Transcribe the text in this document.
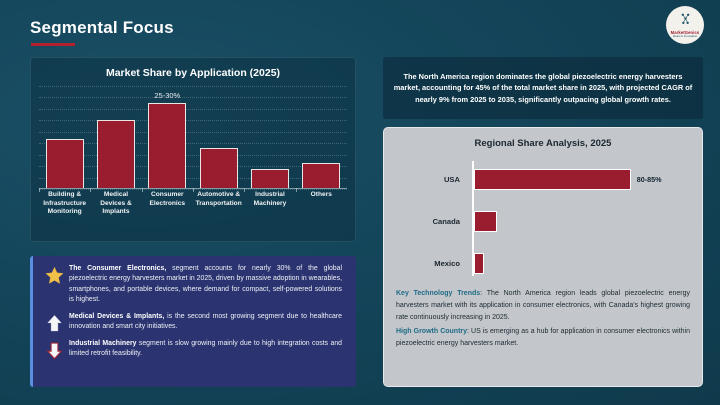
Segmental Focus	MarketGenics
Ideas to Innovation
Market Share by Application (2025)
25-30%
Building & Infrastructure Monitoring
Medical Devices & Implants
Consumer Electronics
Automotive & Transportation
Industrial Machinery
Others
The Consumer Electronics, segment accounts for nearly 30% of the global piezoelectric energy harvesters market in 2025, driven by massive adoption in wearables, smartphones, and portable devices, where demand for compact, self-powered solutions is highest.
Medical Devices & Implants, is the second most growing segment due to healthcare innovation and smart city initiatives.
Industrial Machinery segment is slow growing mainly due to high integration costs and limited retrofit feasibility.

The North America region dominates the global piezoelectric energy harvesters market, accounting for 45% of the total market share in 2025, with projected CAGR of nearly 9% from 2025 to 2035, significantly outpacing global growth rates.

Regional Share Analysis, 2025
USA	80-85%
Canada
Mexico

Key Technology Trends: The North America region leads global piezoelectric energy harvesters market with its application in consumer electronics, with Canada's highest growing rate continuously increasing in 2025.

High Growth Country: US is emerging as a hub for application in consumer electronics within piezoelectric energy harvesters market.
